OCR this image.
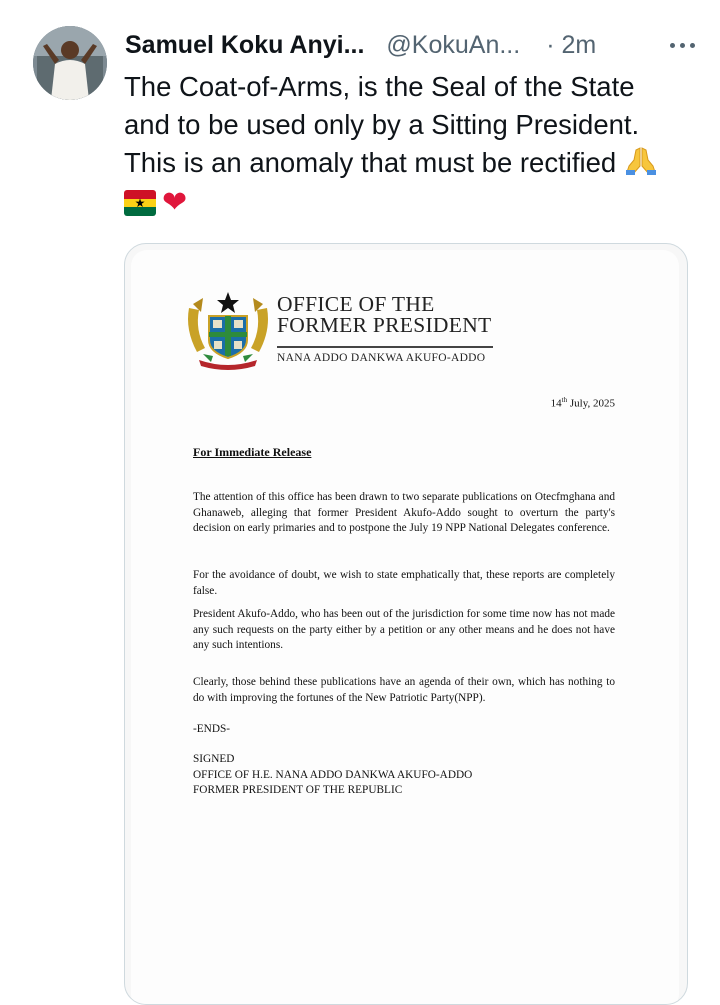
Samuel Koku Anyi... @KokuAn... · 2m
The Coat-of-Arms, is the Seal of the State
and to be used only by a Sitting President.
This is an anomaly that must be rectified
★ ❤
OFFICE OF THE
FORMER PRESIDENT
NANA ADDO DANKWA AKUFO-ADDO
14th July, 2025
For Immediate Release
The attention of this office has been drawn to two separate publications on Otecfmghana and Ghanaweb, alleging that former President Akufo-Addo sought to overturn the party's decision on early primaries and to postpone the July 19 NPP National Delegates conference.
For the avoidance of doubt, we wish to state emphatically that, these reports are completely false.
President Akufo-Addo, who has been out of the jurisdiction for some time now has not made any such requests on the party either by a petition or any other means and he does not have any such intentions.
Clearly, those behind these publications have an agenda of their own, which has nothing to do with improving the fortunes of the New Patriotic Party(NPP).
-ENDS-
SIGNED
OFFICE OF H.E. NANA ADDO DANKWA AKUFO-ADDO
FORMER PRESIDENT OF THE REPUBLIC
